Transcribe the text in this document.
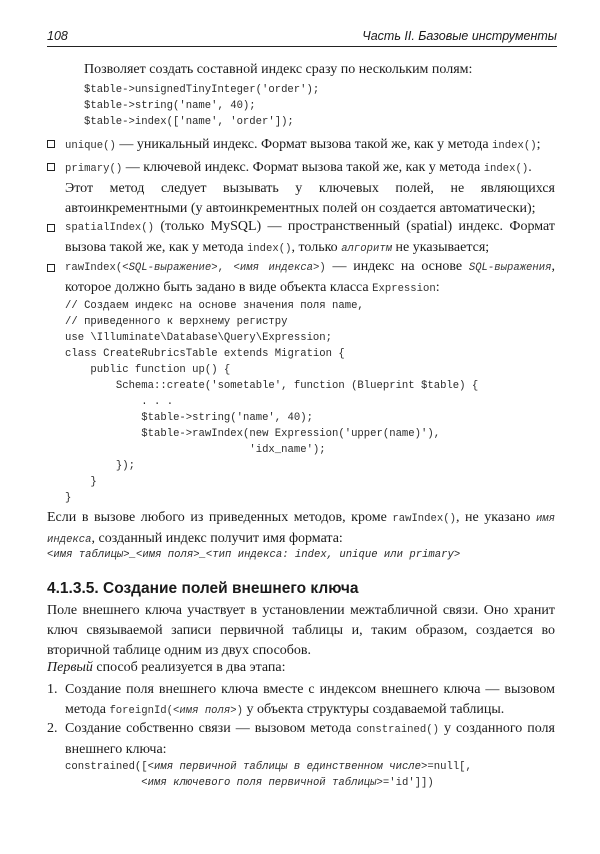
108	Часть II. Базовые инструменты
Позволяет создать составной индекс сразу по нескольким полям:
$table->unsignedTinyInteger('order');
$table->string('name', 40);
$table->index(['name', 'order']);
unique() — уникальный индекс. Формат вызова такой же, как у метода index();
primary() — ключевой индекс. Формат вызова такой же, как у метода index().
Этот метод следует вызывать у ключевых полей, не являющихся автоинкрементными (у автоинкрементных полей он создается автоматически);
spatialIndex() (только MySQL) — пространственный (spatial) индекс. Формат вызова такой же, как у метода index(), только алгоритм не указывается;
rawIndex(<SQL-выражение>, <имя индекса>) — индекс на основе SQL-выражения, которое должно быть задано в виде объекта класса Expression:
// Создаем индекс на основе значения поля name,
// приведенного к верхнему регистру
use \Illuminate\Database\Query\Expression;
class CreateRubricsTable extends Migration {
public function up() {
Schema::create('sometable', function (Blueprint $table) {
. . .
$table->string('name', 40);
$table->rawIndex(new Expression('upper(name)'),
'idx_name');
});
}
}
Если в вызове любого из приведенных методов, кроме rawIndex(), не указано имя индекса, созданный индекс получит имя формата:
<имя таблицы>_<имя поля>_<тип индекса: index, unique или primary>
4.1.3.5. Создание полей внешнего ключа
Поле внешнего ключа участвует в установлении межтабличной связи. Оно хранит ключ связываемой записи первичной таблицы и, таким образом, создается во вторичной таблице одним из двух способов.
Первый способ реализуется в два этапа:
1. Создание поля внешнего ключа вместе с индексом внешнего ключа — вызовом метода foreignId(<имя поля>) у объекта структуры создаваемой таблицы.
2. Создание собственно связи — вызовом метода constrained() у созданного поля внешнего ключа:
constrained([<имя первичной таблицы в единственном числе>=null[,
<имя ключевого поля первичной таблицы>='id']])
